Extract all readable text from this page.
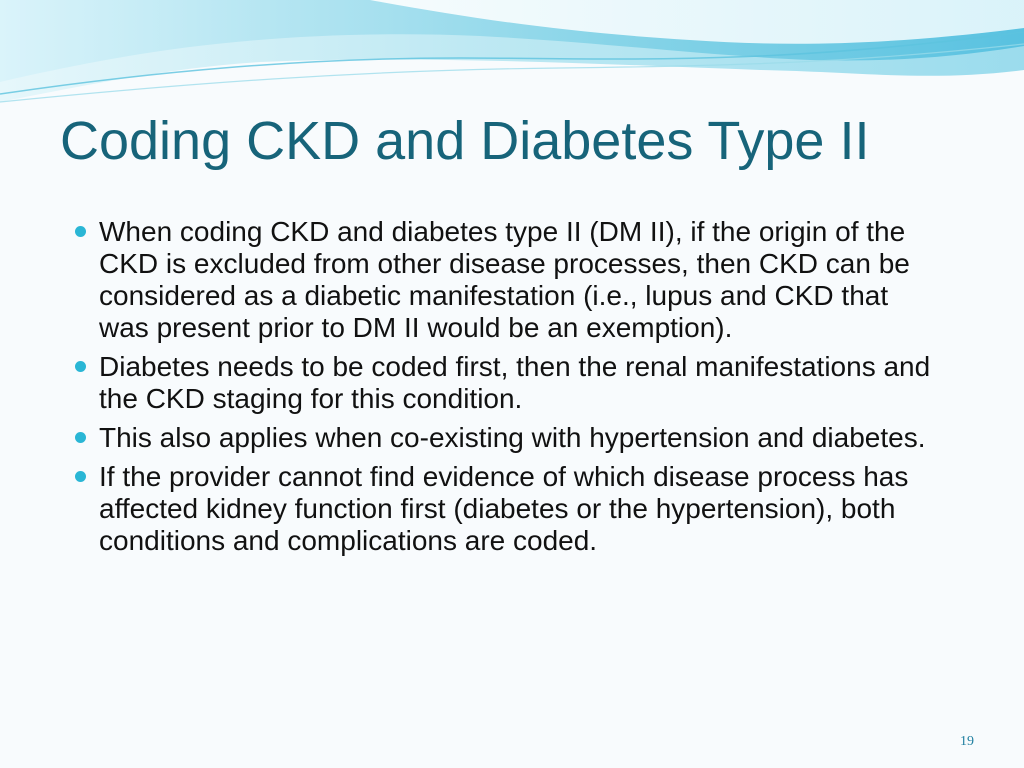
Coding CKD and Diabetes Type II
When coding CKD and diabetes type II (DM II), if the origin of the CKD is excluded from other disease processes, then CKD can be considered as a diabetic manifestation (i.e., lupus and CKD that was present prior to DM II would be an exemption).
Diabetes needs to be coded first, then the renal manifestations and the CKD staging for this condition.
This also applies when co-existing with hypertension and diabetes.
If the provider cannot find evidence of which disease process has affected kidney function first (diabetes or the hypertension), both conditions and complications are coded.
19
